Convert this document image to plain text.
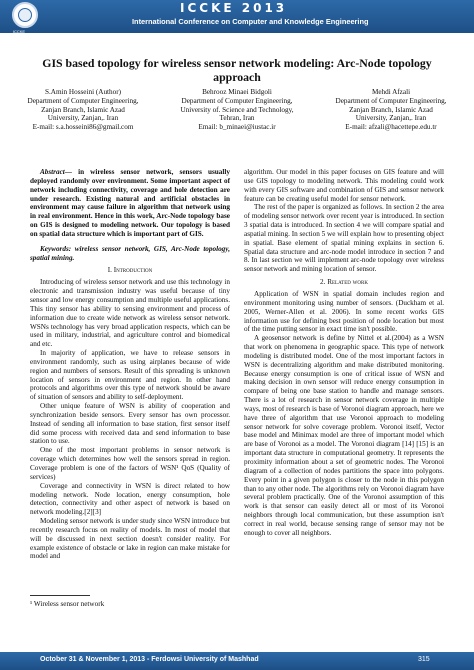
ICCKE
ICCKE 2013
International Conference on Computer and Knowledge Engineering
GIS based topology for wireless sensor network modeling: Arc-Node topology approach
S.Amin Hosseini (Author)
Department of Computer Engineering,
Zanjan Branch, Islamic Azad
University, Zanjan,. Iran
E-mail: s.a.hosseini86@gmail.com
Behrooz Minaei Bidgoli
Department of Computer Engineering,
University of. Science and Technology,
Tehran, Iran
Email: b_minaei@iustac.ir
Mehdi Afzali
Department of Computer Engineering,
Zanjan Branch, Islamic Azad
University, Zanjan,. Iran
E-mail: afzali@hacettepe.edu.tr

Abstract— in wireless sensor network, sensors usually deployed randomly over environment. Some important aspect of network including connectivity, coverage and hole detection are under research. Existing natural and artificial obstacles in environment may cause failure in algorithm that network using in real environment. Hence in this work, Arc-Node topology base on GIS is designed to modeling network. Our topology is based on spatial data structure which is important part of GIS.

Keywords: wireless sensor network, GIS, Arc-Node topology, spatial mining.

I. Introduction

Introducing of wireless sensor network and use this technology in electronic and transmission industry was useful because of tiny sensor and low energy consumption and multiple useful applications. This tiny sensor has ability to sensing environment and process of information due to create wide network as wireless sensor network. WSNs technology has very broad application respects, which can be used in military, industrial, and agriculture control and biomedical and etc.

In majority of application, we have to release sensors in environment randomly, such as using airplanes because of wide region and numbers of sensors. Result of this spreading is unknown location of sensors in environment and region. In other hand protocols and algorithms over this type of network should be aware of situation of sensors and ability to self-deployment.

Other unique feature of WSN is ability of cooperation and synchronization beside sensors. Every sensor has own processor. Instead of sending all information to base station, first sensor itself did some process with received data and send information to base station to use.

One of the most important problems in sensor network is coverage which determines how well the sensors spread in region. Coverage problem is one of the factors of WSN¹ QoS (Quality of services)

Coverage and connectivity in WSN is direct related to how modeling network. Node location, energy consumption, hole detection, connectivity and other aspect of network is based on network modeling.[2][3]

Modeling sensor network is under study since WSN introduce but recently research focus on reality of models. In most of model that will be discussed in next section doesn't consider reality. For example existence of obstacle or lake in region can make mistake for model and

algorithm. Our model in this paper focuses on GIS feature and will use GIS topology to modeling network. This modeling could work with every GIS software and combination of GIS and sensor network feature can be creating useful model for sensor network.

The rest of the paper is organized as follows. In section 2 the area of modeling sensor network over recent year is introduced. In section 3 spatial data is introduced. In section 4 we will compare spatial and aspatial mining. In section 5 we will explain how to presenting object in spatial. Base element of spatial mining explains in section 6. Spatial data structure and arc-node model introduce in section 7 and 8. In last section we will implement arc-node topology over wireless sensor network and mining location of sensor.

2. Related work

Application of WSN in spatial domain includes region and environment monitoring using number of sensors. (Duckham et al. 2005, Werner-Allen et al. 2006). In some recent works GIS information use for defining best position of node location but most of the time putting sensor in exact time isn't possible.

A geosensor network is define by Nittel et al.(2004) as a WSN that work on phenomena in geographic space. This type of network modeling is distributed model. One of the most important factors in WSN is decentralizing algorithm and make distributed monitoring. Because energy consumption is one of critical issue of WSN and making decision in own sensor will reduce energy consumption in compare of being one base station to handle and manage sensors. There is a lot of research in sensor network coverage in multiple ways, most of research is base of Voronoi diagram approach, here we have three of algorithm that use Voronoi approach to modeling sensor network for solve coverage problem. Voronoi itself, Vector base model and Minimax model are three of important model which are base of Voronoi as a model. The Voronoi diagram [14] [15] is an important data structure in computational geometry. It represents the proximity information about a set of geometric nodes. The Voronoi diagram of a collection of nodes partitions the space into polygons. Every point in a given polygon is closer to the node in this polygon than to any other node. The algorithms rely on Voronoi diagram have several problem practically. One of the Voronoi assumption of this work is that sensor can easily detect all or most of its Voronoi neighbors through local communication, but these assumption isn't correct in real world, because sensing range of sensor may not be enough to cover all neighbors.

¹ Wireless sensor network
October 31 & November 1, 2013 - Ferdowsi University of Mashhad	315
